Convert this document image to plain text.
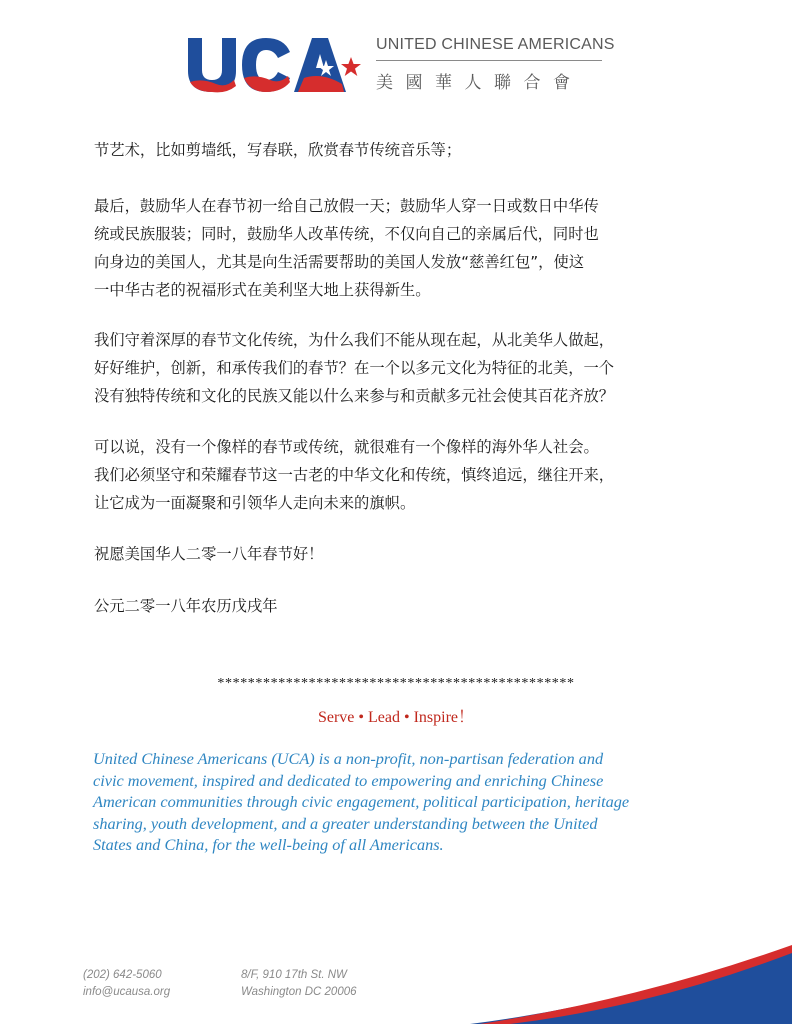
UNITED CHINESE AMERICANS
美國華人聯合會
节艺术，比如剪墙纸，写春联，欣赏春节传统音乐等；
最后，鼓励华人在春节初一给自己放假一天；鼓励华人穿一日或数日中华传
统或民族服装；同时，鼓励华人改革传统，不仅向自己的亲属后代，同时也
向身边的美国人，尤其是向生活需要帮助的美国人发放“慈善红包”，使这
一中华古老的祝福形式在美利坚大地上获得新生。
我们守着深厚的春节文化传统，为什么我们不能从现在起，从北美华人做起，
好好维护，创新，和承传我们的春节？在一个以多元文化为特征的北美，一个
没有独特传统和文化的民族又能以什么来参与和贡献多元社会使其百花齐放？
可以说，没有一个像样的春节或传统，就很难有一个像样的海外华人社会。
我们必须坚守和荣耀春节这一古老的中华文化和传统，慎终追远，继往开来，
让它成为一面凝聚和引领华人走向未来的旗帜。
祝愿美国华人二零一八年春节好！
公元二零一八年农历戊戌年
***********************************************
Serve • Lead • Inspire！
United Chinese Americans (UCA) is a non-profit, non-partisan federation and
civic movement, inspired and dedicated to empowering and enriching Chinese
American communities through civic engagement, political participation, heritage
sharing, youth development, and a greater understanding between the United
States and China, for the well-being of all Americans.
(202) 642-5060
info@ucausa.org
8/F, 910 17th St. NW
Washington DC 20006
